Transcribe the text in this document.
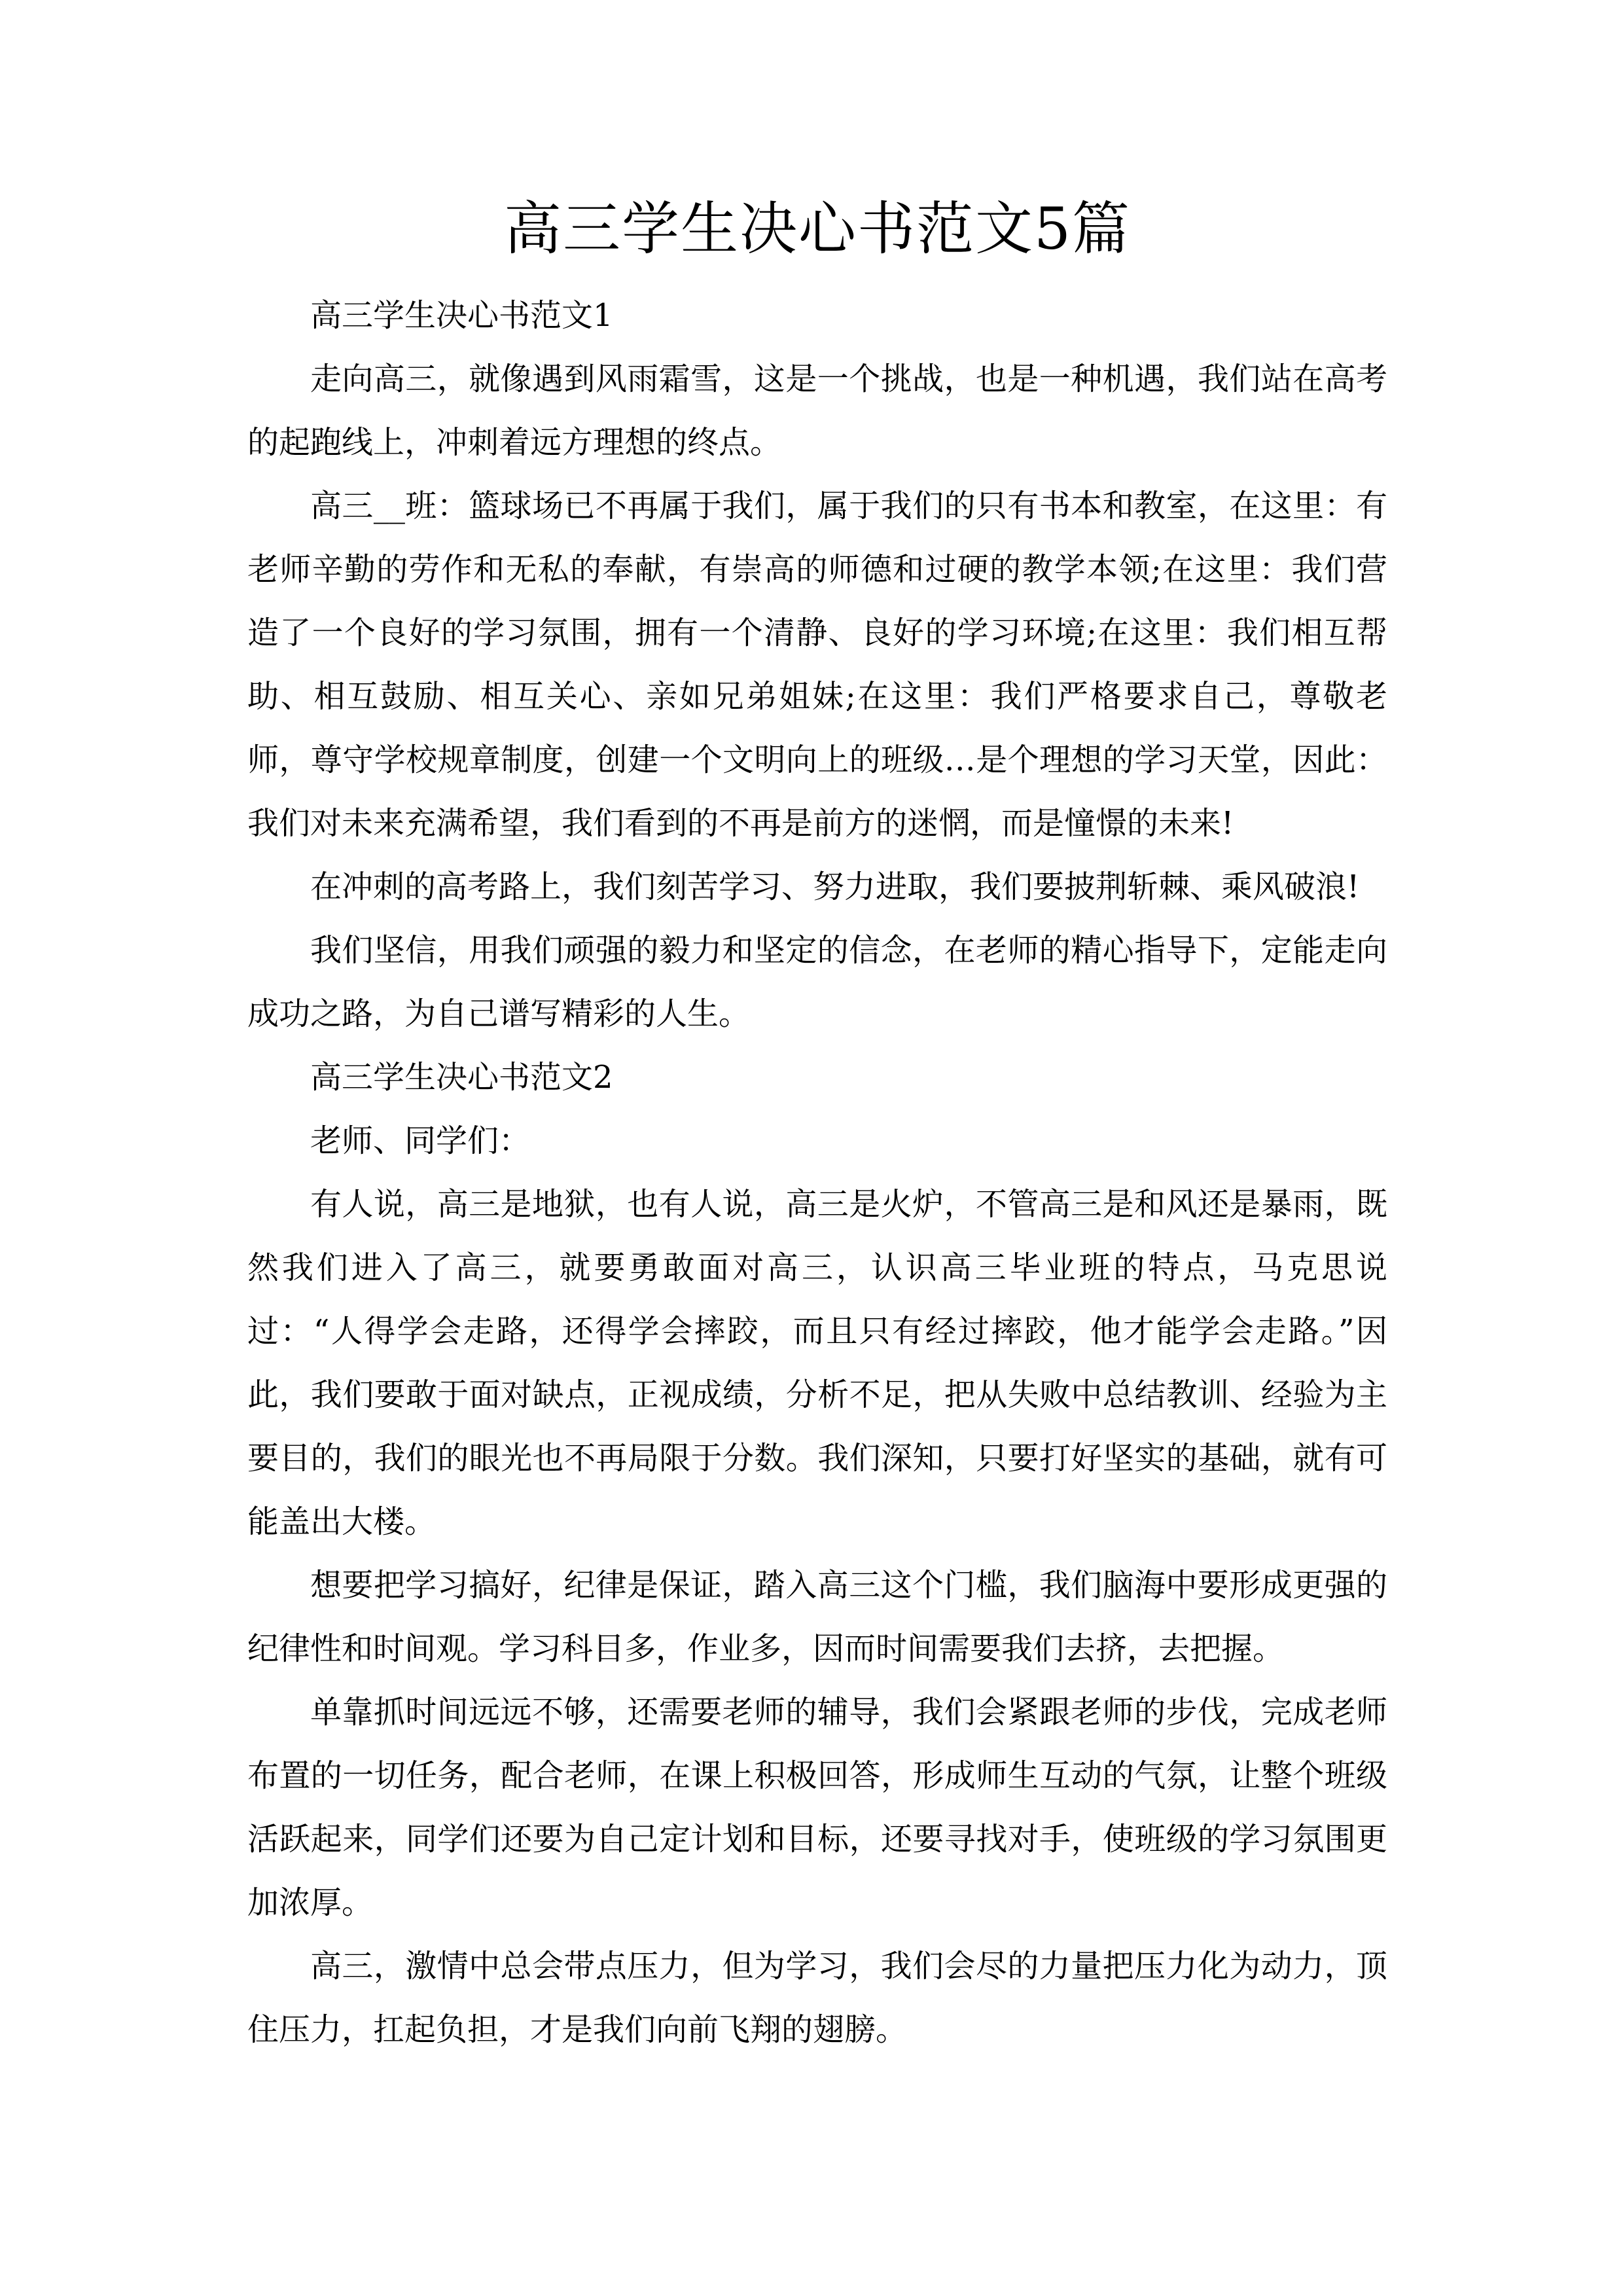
高三学生决心书范文5篇

高三学生决心书范文1

走向高三，就像遇到风雨霜雪，这是一个挑战，也是一种机遇，我们站在高考的起跑线上，冲刺着远方理想的终点。

高三__班：篮球场已不再属于我们，属于我们的只有书本和教室，在这里：有老师辛勤的劳作和无私的奉献，有崇高的师德和过硬的教学本领;在这里：我们营造了一个良好的学习氛围，拥有一个清静、良好的学习环境;在这里：我们相互帮助、相互鼓励、相互关心、亲如兄弟姐妹;在这里：我们严格要求自己，尊敬老师，尊守学校规章制度，创建一个文明向上的班级…是个理想的学习天堂，因此：我们对未来充满希望，我们看到的不再是前方的迷惘，而是憧憬的未来!

在冲刺的高考路上，我们刻苦学习、努力进取，我们要披荆斩棘、乘风破浪!

我们坚信，用我们顽强的毅力和坚定的信念，在老师的精心指导下，定能走向成功之路，为自己谱写精彩的人生。

高三学生决心书范文2

老师、同学们：

有人说，高三是地狱，也有人说，高三是火炉，不管高三是和风还是暴雨，既然我们进入了高三，就要勇敢面对高三，认识高三毕业班的特点，马克思说过：“人得学会走路，还得学会摔跤，而且只有经过摔跤，他才能学会走路。”因此，我们要敢于面对缺点，正视成绩，分析不足，把从失败中总结教训、经验为主要目的，我们的眼光也不再局限于分数。我们深知，只要打好坚实的基础，就有可能盖出大楼。

想要把学习搞好，纪律是保证，踏入高三这个门槛，我们脑海中要形成更强的纪律性和时间观。学习科目多，作业多，因而时间需要我们去挤，去把握。

单靠抓时间远远不够，还需要老师的辅导，我们会紧跟老师的步伐，完成老师布置的一切任务，配合老师，在课上积极回答，形成师生互动的气氛，让整个班级活跃起来，同学们还要为自己定计划和目标，还要寻找对手，使班级的学习氛围更加浓厚。

高三，激情中总会带点压力，但为学习，我们会尽的力量把压力化为动力，顶住压力，扛起负担，才是我们向前飞翔的翅膀。
